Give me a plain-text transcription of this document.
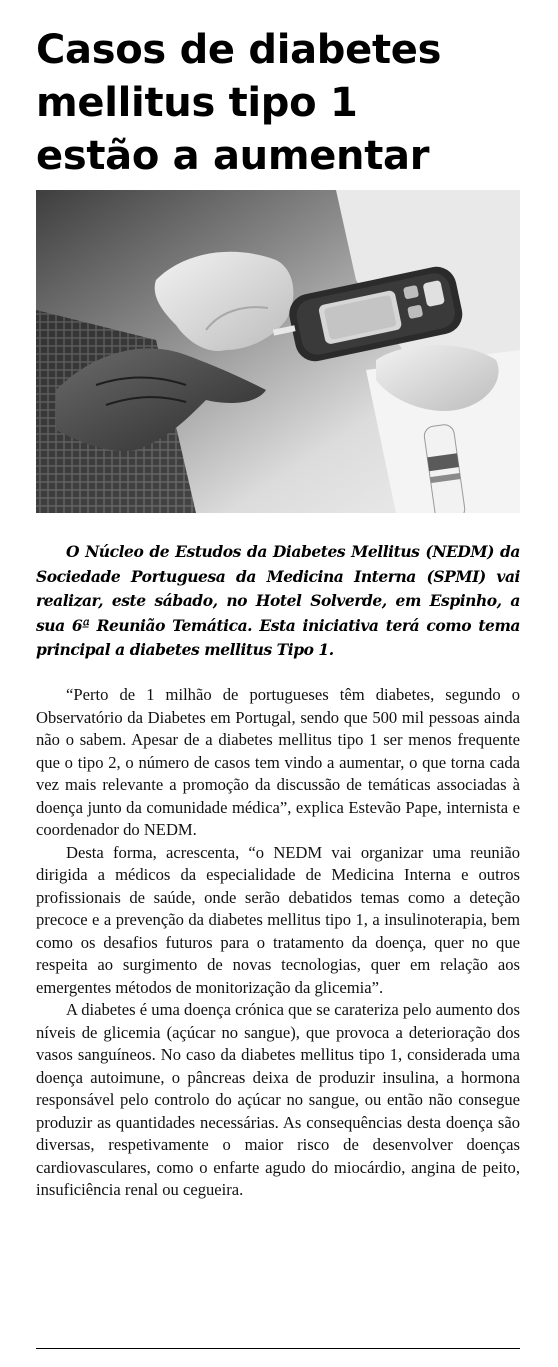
Casos de diabetes
mellitus tipo 1
estão a aumentar

O Núcleo de Estudos da Diabetes Mellitus (NEDM) da Sociedade Portuguesa da Medicina Interna (SPMI) vai realizar, este sábado, no Hotel Solverde, em Espinho, a sua 6ª Reunião Temática. Esta iniciativa terá como tema principal a diabetes mellitus Tipo 1.

“Perto de 1 milhão de portugueses têm diabetes, segundo o Observatório da Diabetes em Portugal, sendo que 500 mil pessoas ainda não o sabem. Apesar de a diabetes mellitus tipo 1 ser menos frequente que o tipo 2, o número de casos tem vindo a aumentar, o que torna cada vez mais relevante a promoção da discussão de temáticas associadas à doença junto da comunidade médica”, explica Estevão Pape, internista e coordenador do NEDM.

Desta forma, acrescenta, “o NEDM vai organizar uma reunião dirigida a médicos da especialidade de Medicina Interna e outros profissionais de saúde, onde serão debatidos temas como a deteção precoce e a prevenção da diabetes mellitus tipo 1, a insulinoterapia, bem como os desafios futuros para o tratamento da doença, quer no que respeita ao surgimento de novas tecnologias, quer em relação aos emergentes métodos de monitorização da glicemia”.

A diabetes é uma doença crónica que se carateriza pelo aumento dos níveis de glicemia (açúcar no sangue), que provoca a deterioração dos vasos sanguíneos. No caso da diabetes mellitus tipo 1, considerada uma doença autoimune, o pâncreas deixa de produzir insulina, a hormona responsável pelo controlo do açúcar no sangue, ou então não consegue produzir as quantidades necessárias. As consequências desta doença são diversas, respetivamente o maior risco de desenvolver doenças cardiovasculares, como o enfarte agudo do miocárdio, angina de peito, insuficiência renal ou cegueira.
